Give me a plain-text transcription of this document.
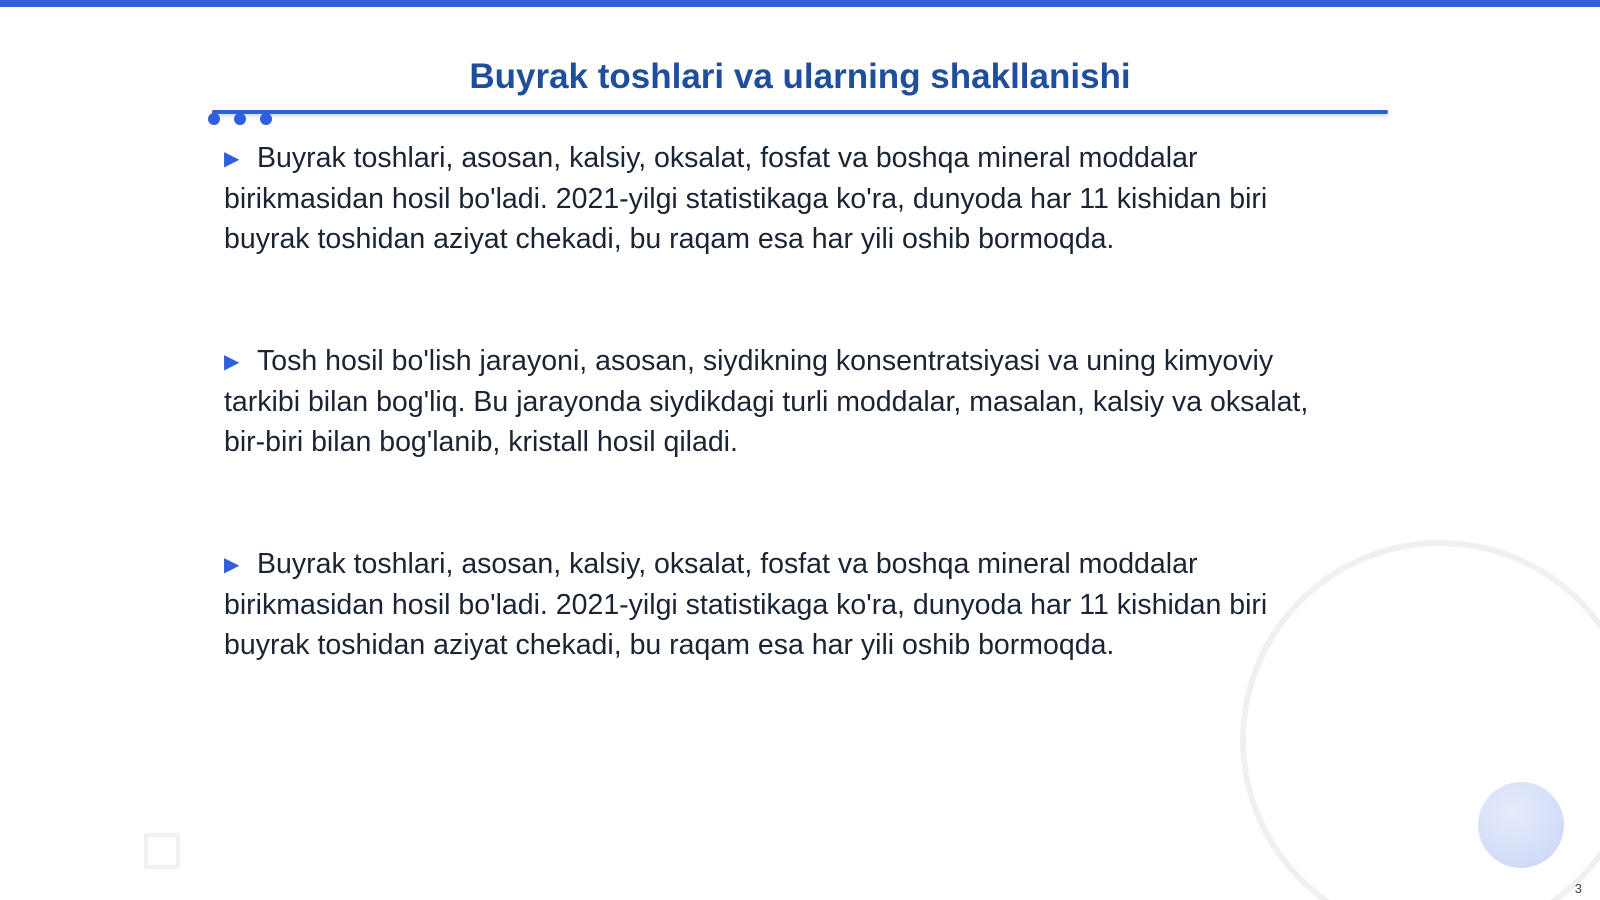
Buyrak toshlari va ularning shakllanishi

▶ Buyrak toshlari, asosan, kalsiy, oksalat, fosfat va boshqa mineral moddalar birikmasidan hosil bo'ladi. 2021-yilgi statistikaga ko'ra, dunyoda har 11 kishidan biri buyrak toshidan aziyat chekadi, bu raqam esa har yili oshib bormoqda.

▶ Tosh hosil bo'lish jarayoni, asosan, siydikning konsentratsiyasi va uning kimyoviy tarkibi bilan bog'liq. Bu jarayonda siydikdagi turli moddalar, masalan, kalsiy va oksalat, bir-biri bilan bog'lanib, kristall hosil qiladi.

▶ Buyrak toshlari, asosan, kalsiy, oksalat, fosfat va boshqa mineral moddalar birikmasidan hosil bo'ladi. 2021-yilgi statistikaga ko'ra, dunyoda har 11 kishidan biri buyrak toshidan aziyat chekadi, bu raqam esa har yili oshib bormoqda.

3
